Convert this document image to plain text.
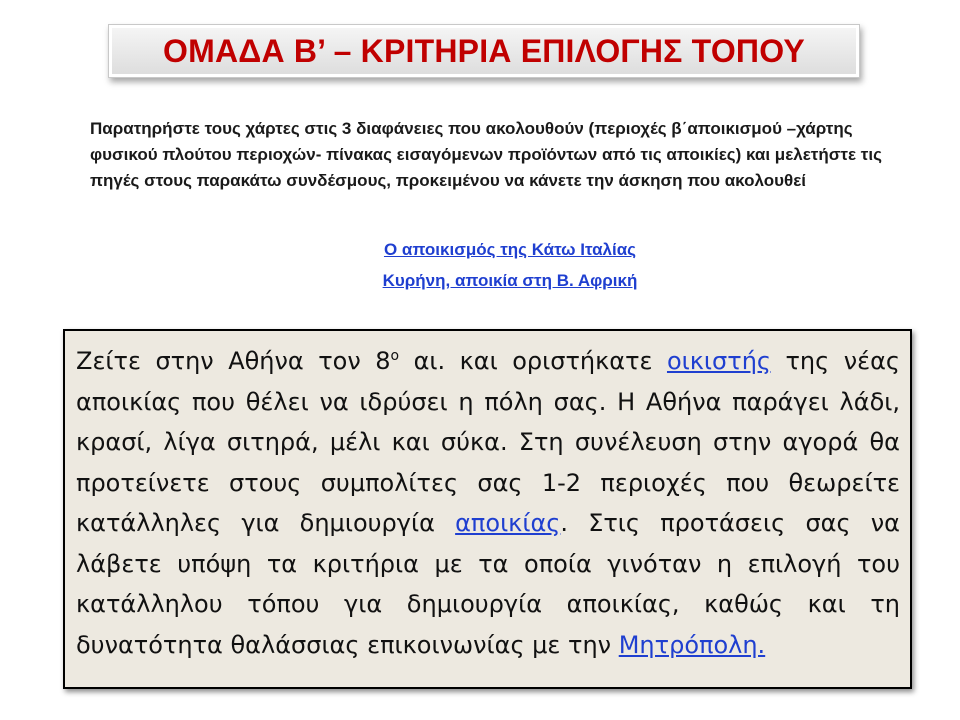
ΟΜΑΔΑ Β’ – ΚΡΙΤΗΡΙΑ ΕΠΙΛΟΓΗΣ ΤΟΠΟΥ

Παρατηρήστε τους χάρτες στις 3 διαφάνειες που ακολουθούν (περιοχές β΄αποικισμού –χάρτης φυσικού πλούτου περιοχών- πίνακας εισαγόμενων προϊόντων από τις αποικίες) και μελετήστε τις πηγές στους παρακάτω συνδέσμους, προκειμένου να κάνετε την άσκηση που ακολουθεί

Ο αποικισμός της Κάτω Ιταλίας
Κυρήνη, αποικία στη Β. Αφρική

Ζείτε στην Αθήνα τον $8^o$ αι. και οριστήκατε οικιστής της νέας αποικίας που θέλει να ιδρύσει η πόλη σας. Η Αθήνα παράγει λάδι, κρασί, λίγα σιτηρά, μέλι και σύκα. Στη συνέλευση στην αγορά θα προτείνετε στους συμπολίτες σας 1-2 περιοχές που θεωρείτε κατάλληλες για δημιουργία αποικίας. Στις προτάσεις σας να λάβετε υπόψη τα κριτήρια με τα οποία γινόταν η επιλογή του κατάλληλου τόπου για δημιουργία αποικίας, καθώς και τη δυνατότητα θαλάσσιας επικοινωνίας με την Μητρόπολη.
